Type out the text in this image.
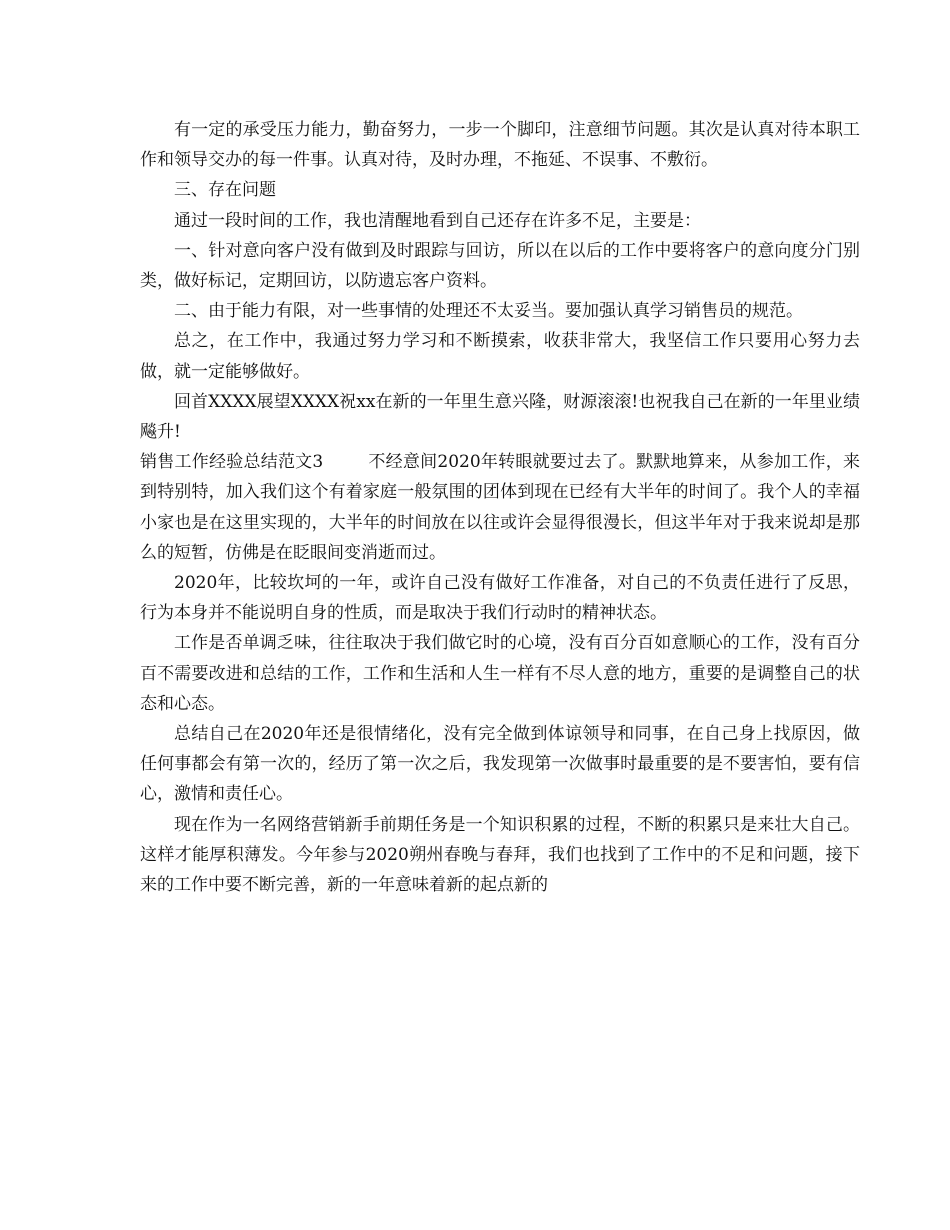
有一定的承受压力能力，勤奋努力，一步一个脚印，注意细节问题。其次是认真对待本职工作和领导交办的每一件事。认真对待，及时办理，不拖延、不误事、不敷衍。

三、存在问题

通过一段时间的工作，我也清醒地看到自己还存在许多不足，主要是：

一、针对意向客户没有做到及时跟踪与回访，所以在以后的工作中要将客户的意向度分门别类，做好标记，定期回访，以防遗忘客户资料。

二、由于能力有限，对一些事情的处理还不太妥当。要加强认真学习销售员的规范。

总之，在工作中，我通过努力学习和不断摸索，收获非常大，我坚信工作只要用心努力去做，就一定能够做好。

回首XXXX展望XXXX祝xx在新的一年里生意兴隆，财源滚滚!也祝我自己在新的一年里业绩飚升!

销售工作经验总结范文3	不经意间2020年转眼就要过去了。默默地算来，从参加工作，来到特别特，加入我们这个有着家庭一般氛围的团体到现在已经有大半年的时间了。我个人的幸福小家也是在这里实现的，大半年的时间放在以往或许会显得很漫长，但这半年对于我来说却是那么的短暂，仿佛是在眨眼间变消逝而过。

2020年，比较坎坷的一年，或许自己没有做好工作准备，对自己的不负责任进行了反思，行为本身并不能说明自身的性质，而是取决于我们行动时的精神状态。

工作是否单调乏味，往往取决于我们做它时的心境，没有百分百如意顺心的工作，没有百分百不需要改进和总结的工作，工作和生活和人生一样有不尽人意的地方，重要的是调整自己的状态和心态。

总结自己在2020年还是很情绪化，没有完全做到体谅领导和同事，在自己身上找原因，做任何事都会有第一次的，经历了第一次之后，我发现第一次做事时最重要的是不要害怕，要有信心，激情和责任心。

现在作为一名网络营销新手前期任务是一个知识积累的过程，不断的积累只是来壮大自己。这样才能厚积薄发。今年参与2020朔州春晚与春拜，我们也找到了工作中的不足和问题，接下来的工作中要不断完善，新的一年意味着新的起点新的
